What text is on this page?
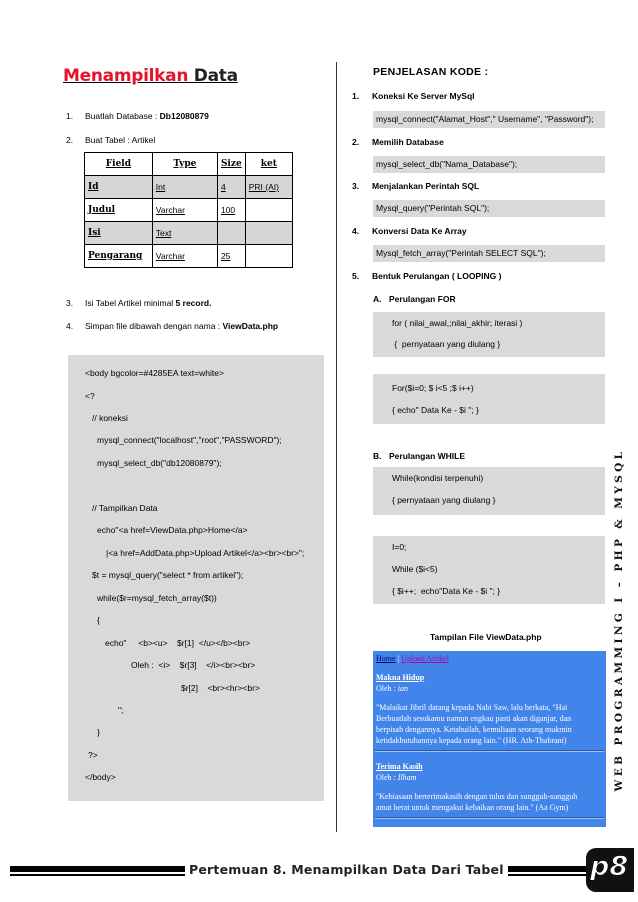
Menampilkan Data
1. Buatlah Database : Db12080879
2. Buat Tabel : Artikel
Field	Type	Size	ket
Id	Int	4	PRI (AI)
Judul	Varchar	100	
Isi	Text		
Pengarang	Varchar	25	
3. Isi Tabel Artikel minimal 5 record.
4. Simpan file dibawah dengan nama : ViewData.php
<body bgcolor=#4285EA text=white>
<?
// koneksi
mysql_connect("localhost","root","PASSWORD");
mysql_select_db("db12080879");
// Tampilkan Data
echo"<a href=ViewData.php>Home</a>
|<a href=AddData.php>Upload Artikel</a><br><br>";
$t = mysql_query("select * from artikel");
while($r=mysql_fetch_array($t))
{
echo"     <b><u>    $r[1]  </u></b><br>
Oleh :  <i>    $r[3]    </i><br><br>
$r[2]    <br><hr><br>
";
}
?>
</body>
PENJELASAN KODE :
1. Koneksi Ke Server MySql
mysql_connect("Alamat_Host"," Username", "Password");
2. Memilih Database
mysql_select_db("Nama_Database");
3. Menjalankan Perintah SQL
Mysql_query("Perintah SQL");
4. Konversi Data Ke Array
Mysql_fetch_array("Perintah SELECT SQL");
5. Bentuk Perulangan ( LOOPING )
A. Perulangan FOR
for ( nilai_awal,;nilai_akhir; iterasi )
{  pernyataan yang diulang }
For($i=0; $ i<5 ;$ i++)
{ echo" Data Ke - $i "; }
B. Perulangan WHILE
While(kondisi terpenuhi)
{ pernyataan yang diulang }
I=0;
While ($i<5)
{ $i++;  echo"Data Ke - $i "; }
Tampilan File ViewData.php
Home | Upload Artikel
Makna Hidup
Oleh : ian
"Malaikat Jibril datang kepada Nabi Saw, lalu berkata, "Hai
Berbuatlah sesukamu namun engkau pasti akan diganjar, dan
berpisah dengannya. Ketahuilah, kemuliaan seorang mukmin
ketidakbutuhannya kepada orang lain." (HR. Ath-Thabrani)
Terima Kasih
Oleh : Ilham
"Kebiasaan berterimakasih dengan tulus dan sungguh-sungguh
amat berat untuk mengakui kebaikan orang lain." (Aa Gym)
WEB PROGRAMMING I – PHP & MYSQL
Pertemuan 8. Menampilkan Data Dari Tabel	p8
